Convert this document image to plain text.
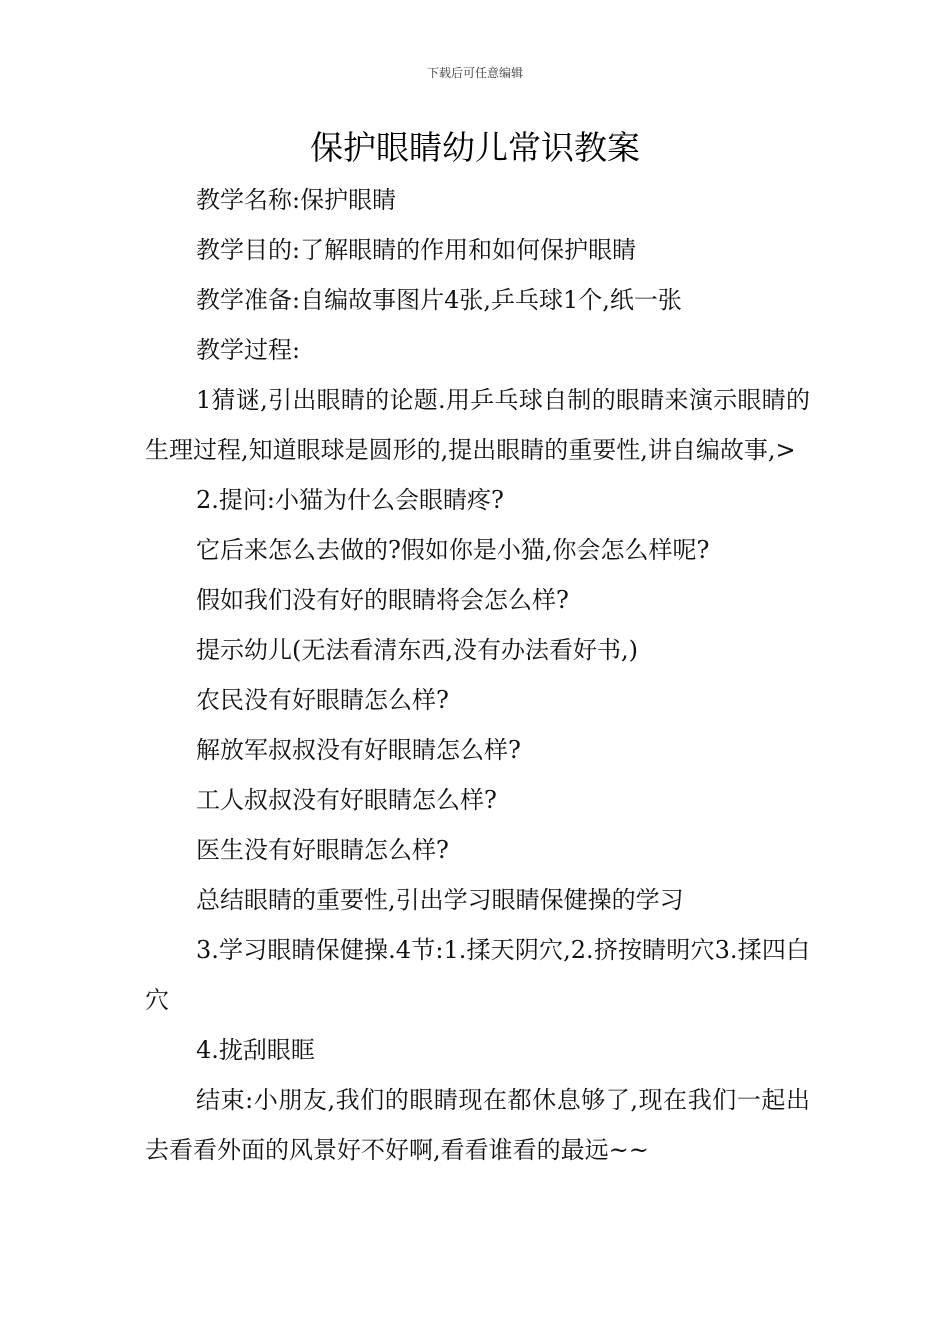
下载后可任意编辑
保护眼睛幼儿常识教案

教学名称:保护眼睛

教学目的:了解眼睛的作用和如何保护眼睛

教学准备:自编故事图片4张,乒乓球1个,纸一张

教学过程:

1猜谜,引出眼睛的论题.用乒乓球自制的眼睛来演示眼睛的生理过程,知道眼球是圆形的,提出眼睛的重要性,讲自编故事,>

2.提问:小猫为什么会眼睛疼?

它后来怎么去做的?假如你是小猫,你会怎么样呢?

假如我们没有好的眼睛将会怎么样?

提示幼儿(无法看清东西,没有办法看好书,)

农民没有好眼睛怎么样?

解放军叔叔没有好眼睛怎么样?

工人叔叔没有好眼睛怎么样?

医生没有好眼睛怎么样?

总结眼睛的重要性,引出学习眼睛保健操的学习

3.学习眼睛保健操.4节:1.揉天阴穴,2.挤按睛明穴3.揉四白穴

4.拢刮眼眶

结束:小朋友,我们的眼睛现在都休息够了,现在我们一起出去看看外面的风景好不好啊,看看谁看的最远~~
